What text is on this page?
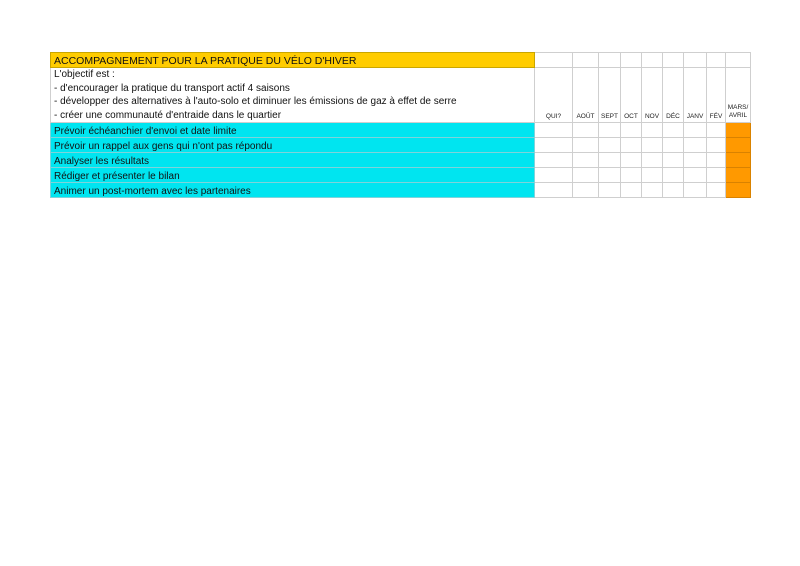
ACCOMPAGNEMENT POUR LA PRATIQUE DU VÉLO D'HIVER									

L'objectif est :
- d'encourager la pratique du transport actif 4 saisons
- développer des alternatives à l'auto-solo et diminuer les émissions de gaz à effet de serre
- créer une communauté d'entraide dans le quartier	QUI?	AOÛT	SEPT	OCT	NOV	DÉC	JANV	FÉV	MARS/ AVRIL
Prévoir échéanchier d'envoi et date limite									
Prévoir un rappel aux gens qui n'ont pas répondu									
Analyser les résultats									
Rédiger et présenter le bilan									
Animer un post-mortem avec les partenaires									
